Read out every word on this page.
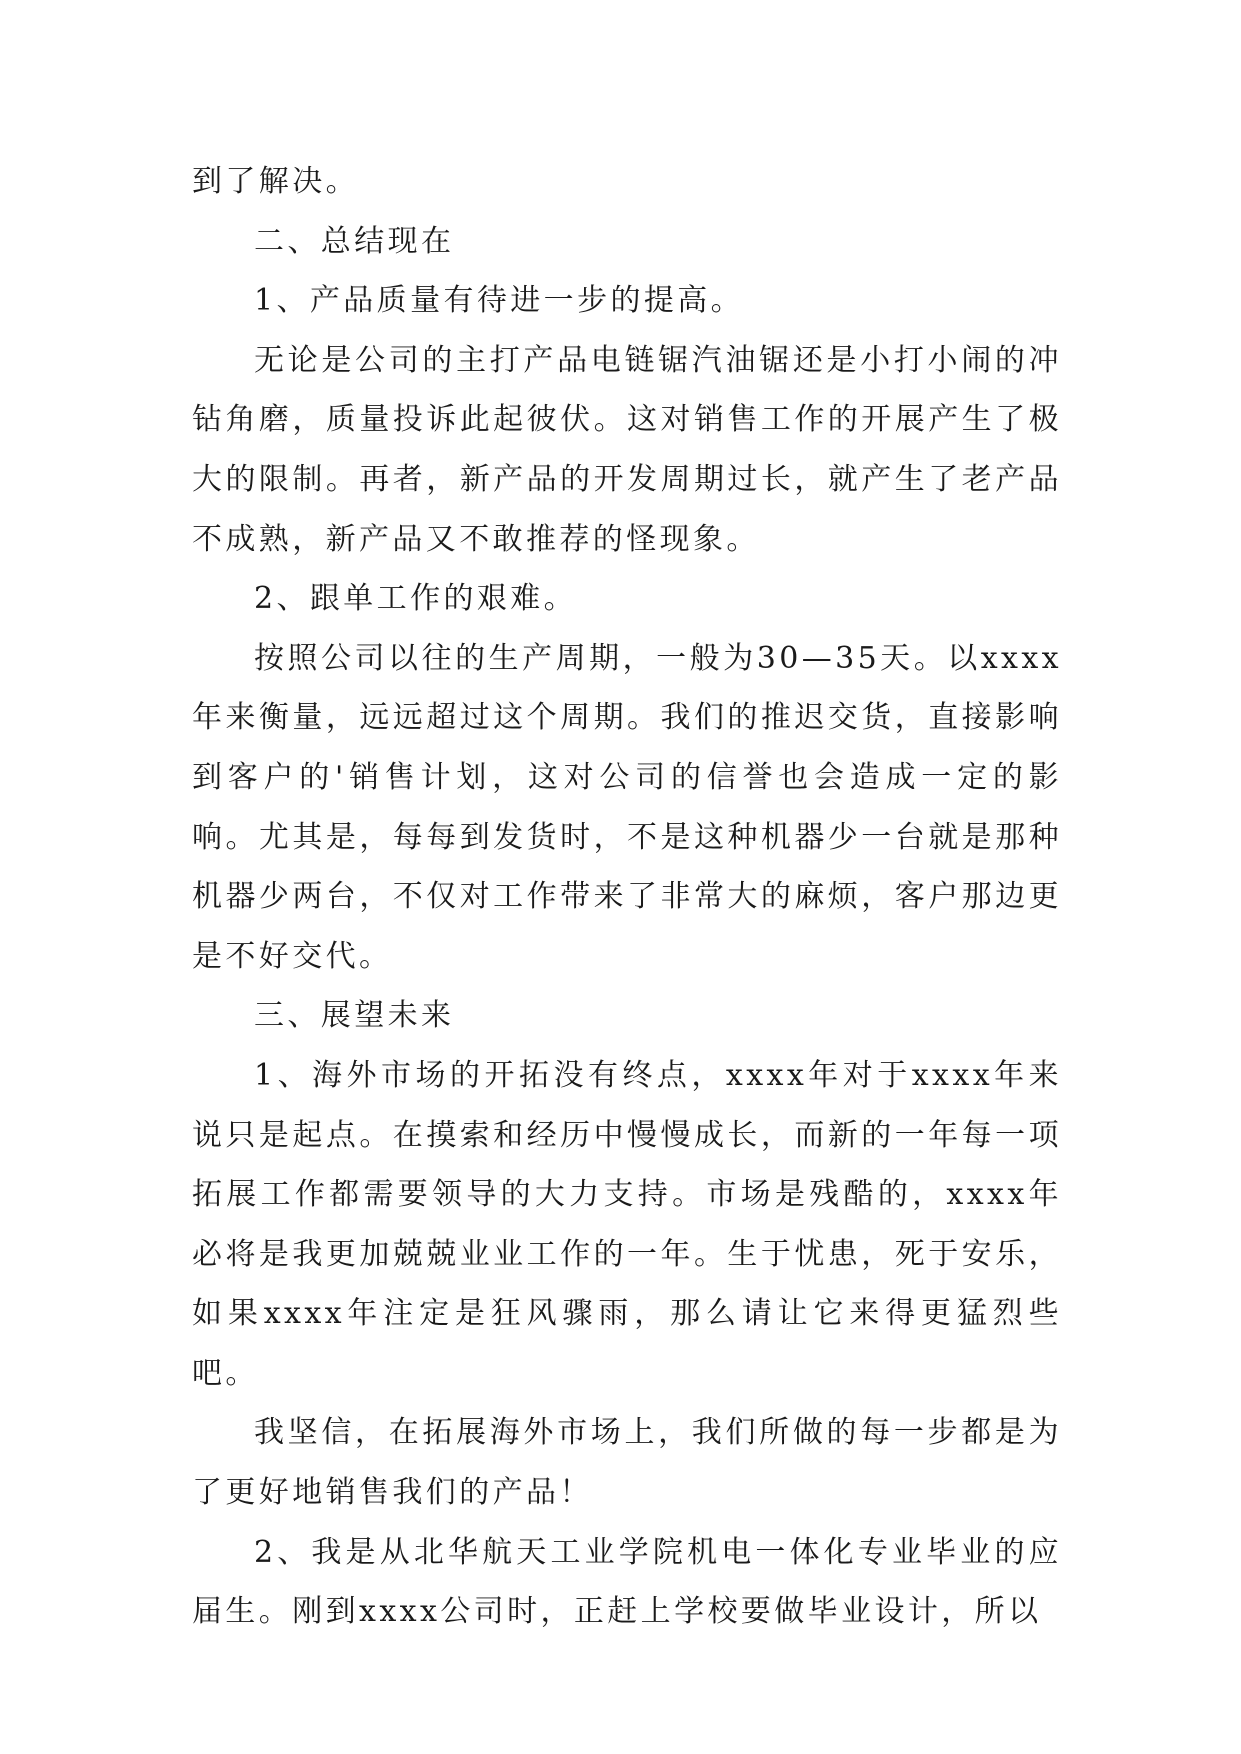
到了解决。

二、总结现在

1、产品质量有待进一步的提高。

无论是公司的主打产品电链锯汽油锯还是小打小闹的冲钻角磨，质量投诉此起彼伏。这对销售工作的开展产生了极大的限制。再者，新产品的开发周期过长，就产生了老产品不成熟，新产品又不敢推荐的怪现象。

2、跟单工作的艰难。

按照公司以往的生产周期，一般为30—35天。以xxxx年来衡量，远远超过这个周期。我们的推迟交货，直接影响到客户的'销售计划，这对公司的信誉也会造成一定的影响。尤其是，每每到发货时，不是这种机器少一台就是那种机器少两台，不仅对工作带来了非常大的麻烦，客户那边更是不好交代。

三、展望未来

1、海外市场的开拓没有终点，xxxx年对于xxxx年来说只是起点。在摸索和经历中慢慢成长，而新的一年每一项拓展工作都需要领导的大力支持。市场是残酷的，xxxx年必将是我更加兢兢业业工作的一年。生于忧患，死于安乐，如果xxxx年注定是狂风骤雨，那么请让它来得更猛烈些吧。

我坚信，在拓展海外市场上，我们所做的每一步都是为了更好地销售我们的产品！

2、我是从北华航天工业学院机电一体化专业毕业的应届生。刚到xxxx公司时，正赶上学校要做毕业设计，所以
